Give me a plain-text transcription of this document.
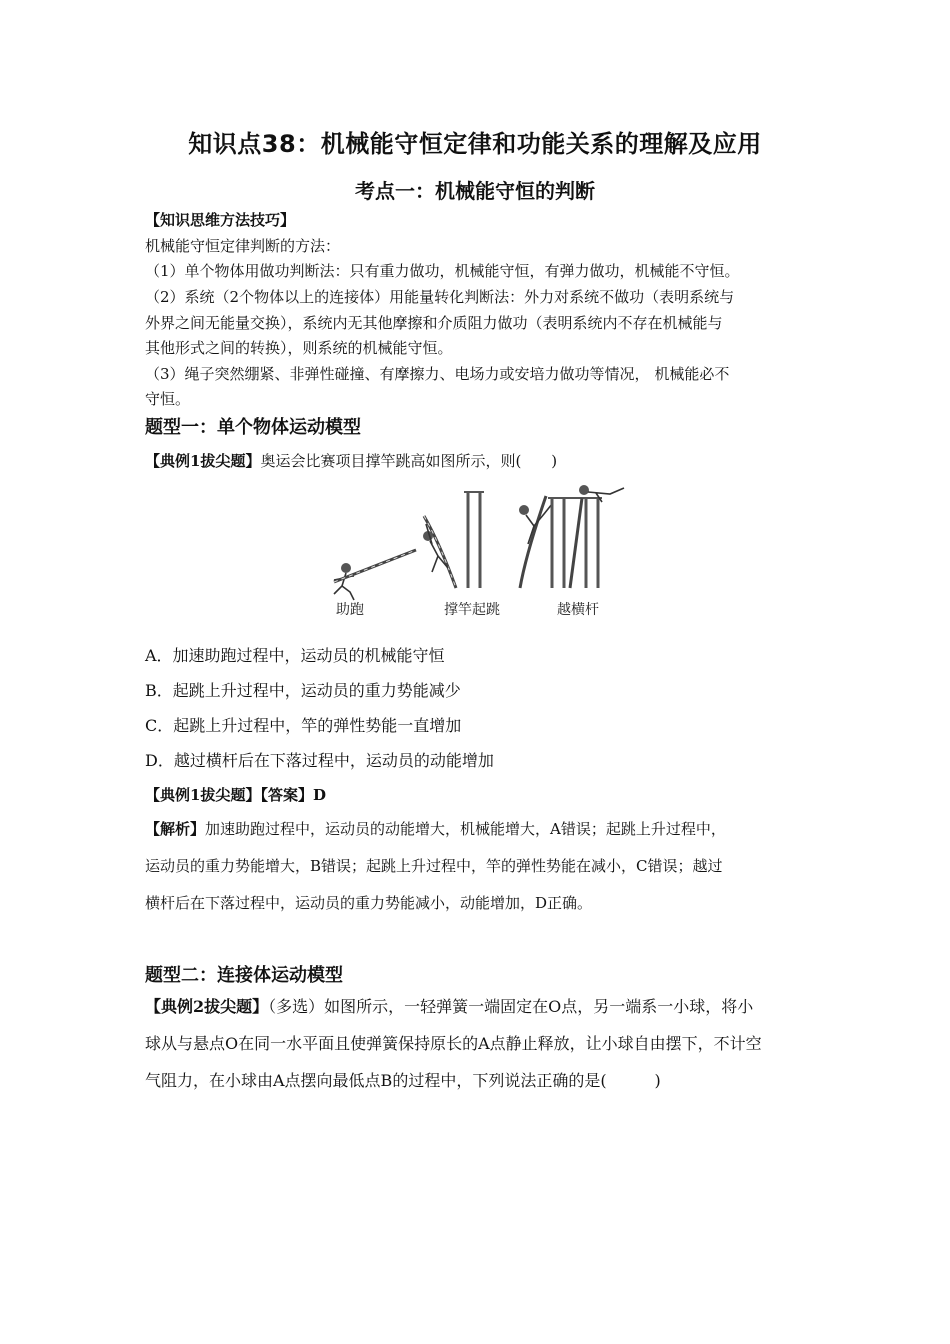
知识点38：机械能守恒定律和功能关系的理解及应用
考点一：机械能守恒的判断
【知识思维方法技巧】
机械能守恒定律判断的方法：
（1）单个物体用做功判断法：只有重力做功，机械能守恒，有弹力做功，机械能不守恒。
（2）系统（2个物体以上的连接体）用能量转化判断法：外力对系统不做功（表明系统与
外界之间无能量交换），系统内无其他摩擦和介质阻力做功（表明系统内不存在机械能与
其他形式之间的转换），则系统的机械能守恒。
（3）绳子突然绷紧、非弹性碰撞、有摩擦力、电场力或安培力做功等情况， 机械能必不
守恒。
题型一：单个物体运动模型
【典例1拔尖题】奥运会比赛项目撑竿跳高如图所示，则(　　)
助跑	撑竿起跳	越横杆
A．加速助跑过程中，运动员的机械能守恒
B．起跳上升过程中，运动员的重力势能减少
C．起跳上升过程中，竿的弹性势能一直增加
D．越过横杆后在下落过程中，运动员的动能增加
【典例1拔尖题】【答案】D
【解析】加速助跑过程中，运动员的动能增大，机械能增大，A错误；起跳上升过程中，
运动员的重力势能增大，B错误；起跳上升过程中，竿的弹性势能在减小，C错误；越过
横杆后在下落过程中，运动员的重力势能减小，动能增加，D正确。
题型二：连接体运动模型
【典例2拔尖题】（多选）如图所示，一轻弹簧一端固定在O点，另一端系一小球，将小
球从与悬点O在同一水平面且使弹簧保持原长的A点静止释放，让小球自由摆下，不计空
气阻力，在小球由A点摆向最低点B的过程中，下列说法正确的是(　　　)
